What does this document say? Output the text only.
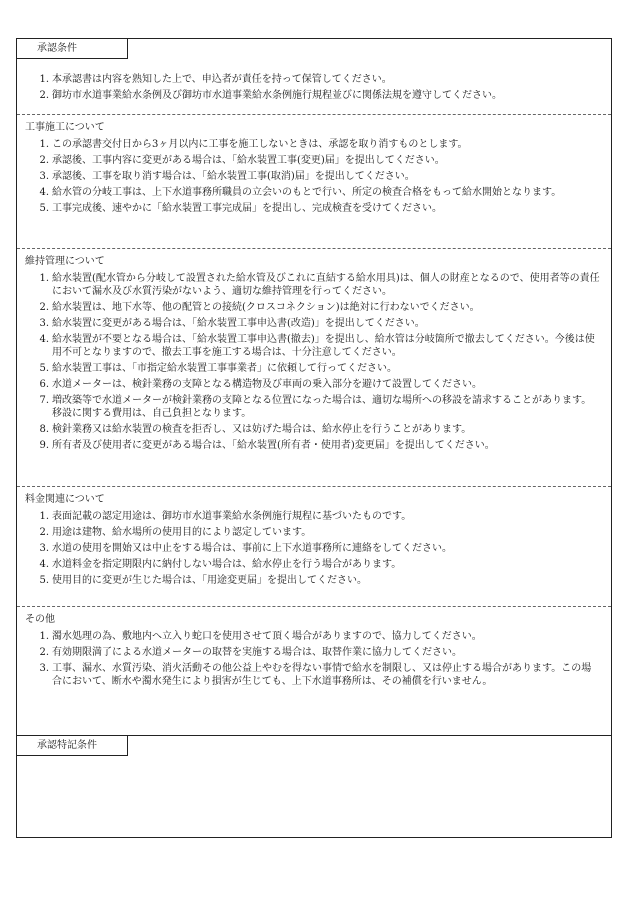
承認条件
1. 本承認書は内容を熟知した上で、申込者が責任を持って保管してください。
2. 御坊市水道事業給水条例及び御坊市水道事業給水条例施行規程並びに関係法規を遵守してください。
工事施工について
1. この承認書交付日から3ヶ月以内に工事を施工しないときは、承認を取り消すものとします。
2. 承認後、工事内容に変更がある場合は、「給水装置工事(変更)届」を提出してください。
3. 承認後、工事を取り消す場合は、「給水装置工事(取消)届」を提出してください。
4. 給水管の分岐工事は、上下水道事務所職員の立会いのもとで行い、所定の検査合格をもって給水開始となります。
5. 工事完成後、速やかに「給水装置工事完成届」を提出し、完成検査を受けてください。
維持管理について
1. 給水装置(配水管から分岐して設置された給水管及びこれに直結する給水用具)は、個人の財産となるので、使用者等の責任において漏水及び水質汚染がないよう、適切な維持管理を行ってください。
2. 給水装置は、地下水等、他の配管との接続(クロスコネクション)は絶対に行わないでください。
3. 給水装置に変更がある場合は、「給水装置工事申込書(改造)」を提出してください。
4. 給水装置が不要となる場合は、「給水装置工事申込書(撤去)」を提出し、給水管は分岐箇所で撤去してください。今後は使用不可となりますので、撤去工事を施工する場合は、十分注意してください。
5. 給水装置工事は、「市指定給水装置工事事業者」に依頼して行ってください。
6. 水道メーターは、検針業務の支障となる構造物及び車両の乗入部分を避けて設置してください。
7. 増改築等で水道メーターが検針業務の支障となる位置になった場合は、適切な場所への移設を請求することがあります。移設に関する費用は、自己負担となります。
8. 検針業務又は給水装置の検査を拒否し、又は妨げた場合は、給水停止を行うことがあります。
9. 所有者及び使用者に変更がある場合は、「給水装置(所有者・使用者)変更届」を提出してください。
料金関連について
1. 表面記載の認定用途は、御坊市水道事業給水条例施行規程に基づいたものです。
2. 用途は建物、給水場所の使用目的により認定しています。
3. 水道の使用を開始又は中止をする場合は、事前に上下水道事務所に連絡をしてください。
4. 水道料金を指定期限内に納付しない場合は、給水停止を行う場合があります。
5. 使用目的に変更が生じた場合は、「用途変更届」を提出してください。
その他
1. 濁水処理の為、敷地内へ立入り蛇口を使用させて頂く場合がありますので、協力してください。
2. 有効期限満了による水道メーターの取替を実施する場合は、取替作業に協力してください。
3. 工事、漏水、水質汚染、消火活動その他公益上やむを得ない事情で給水を制限し、又は停止する場合があります。この場合において、断水や濁水発生により損害が生じても、上下水道事務所は、その補償を行いません。
承認特記条件
